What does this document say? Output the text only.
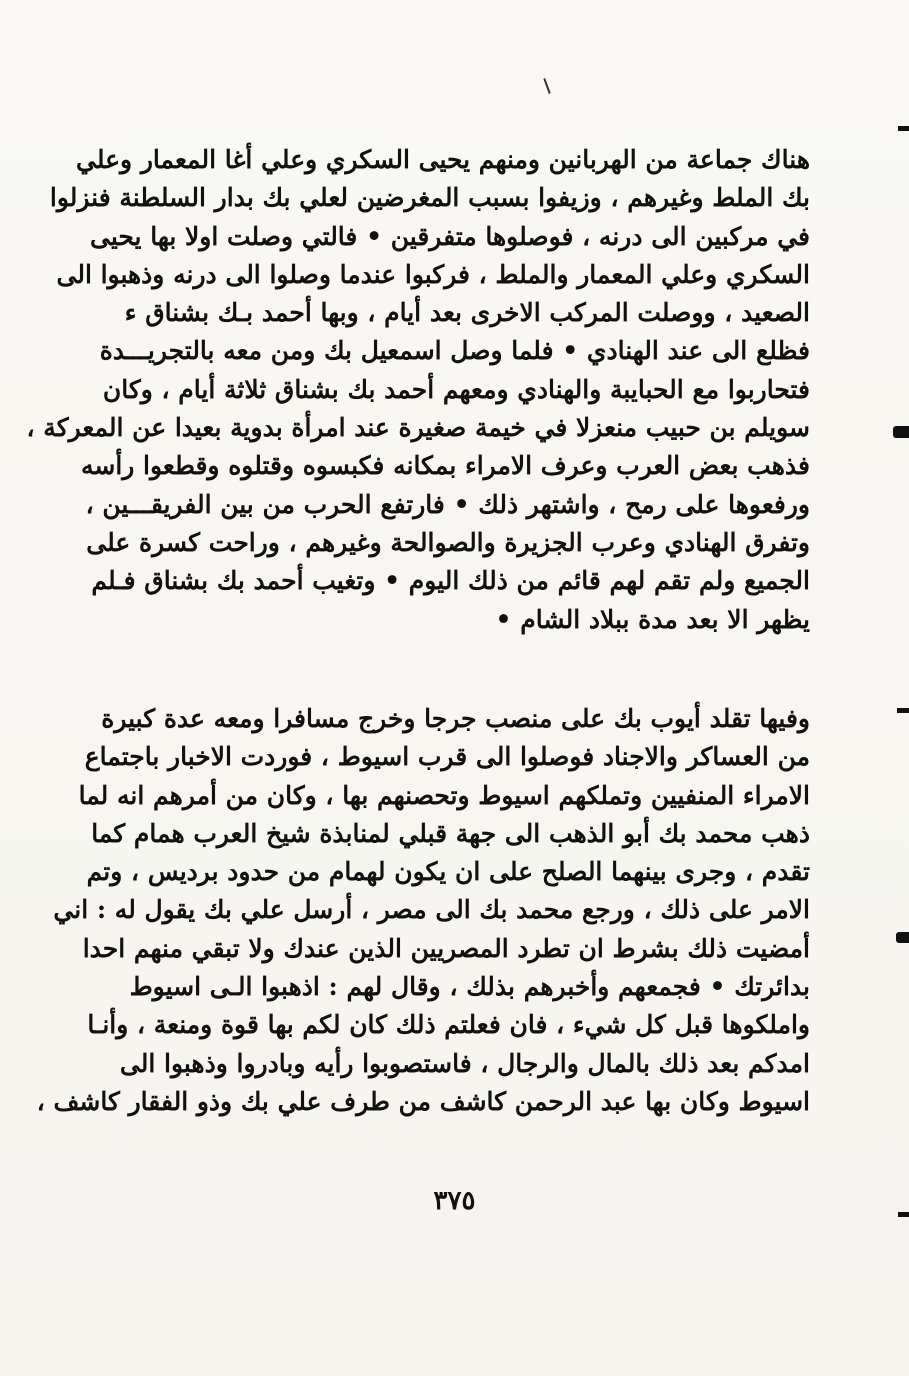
هناك جماعة من الهربانين ومنهم يحيى السكري وعلي أغا المعمار وعلي
بك الملط وغيرهم ، وزيفوا بسبب المغرضين لعلي بك بدار السلطنة فنزلوا
في مركبين الى درنه ، فوصلوها متفرقين • فالتي وصلت اولا بها يحيى
السكري وعلي المعمار والملط ، فركبوا عندما وصلوا الى درنه وذهبوا الى
الصعيد ، ووصلت المركب الاخرى بعد أيام ، وبها أحمد بـك بشناق ء
فظلع الى عند الهنادي • فلما وصل اسمعيل بك ومن معه بالتجريـــدة
فتحاربوا مع الحبايبة والهنادي ومعهم أحمد بك بشناق ثلاثة أيام ، وكان
سويلم بن حبيب منعزلا في خيمة صغيرة عند امرأة بدوية بعيدا عن المعركة ،
فذهب بعض العرب وعرف الامراء بمكانه فكبسوه وقتلوه وقطعوا رأسه
ورفعوها على رمح ، واشتهر ذلك • فارتفع الحرب من بين الفريقـــين ،
وتفرق الهنادي وعرب الجزيرة والصوالحة وغيرهم ، وراحت كسرة على
الجميع ولم تقم لهم قائم من ذلك اليوم • وتغيب أحمد بك بشناق فـلم
يظهر الا بعد مدة ببلاد الشام •
وفيها تقلد أيوب بك على منصب جرجا وخرج مسافرا ومعه عدة كبيرة
من العساكر والاجناد فوصلوا الى قرب اسيوط ، فوردت الاخبار باجتماع
الامراء المنفيين وتملكهم اسيوط وتحصنهم بها ، وكان من أمرهم انه لما
ذهب محمد بك أبو الذهب الى جهة قبلي لمنابذة شيخ العرب همام كما
تقدم ، وجرى بينهما الصلح على ان يكون لهمام من حدود برديس ، وتم
الامر على ذلك ، ورجع محمد بك الى مصر ، أرسل علي بك يقول له : اني
أمضيت ذلك بشرط ان تطرد المصريين الذين عندك ولا تبقي منهم احدا
بدائرتك • فجمعهم وأخبرهم بذلك ، وقال لهم : اذهبوا الـى اسيوط
واملكوها قبل كل شيء ، فان فعلتم ذلك كان لكم بها قوة ومنعة ، وأنـا
امدكم بعد ذلك بالمال والرجال ، فاستصوبوا رأيه وبادروا وذهبوا الى
اسيوط وكان بها عبد الرحمن كاشف من طرف علي بك وذو الفقار كاشف ،
٣٧٥
